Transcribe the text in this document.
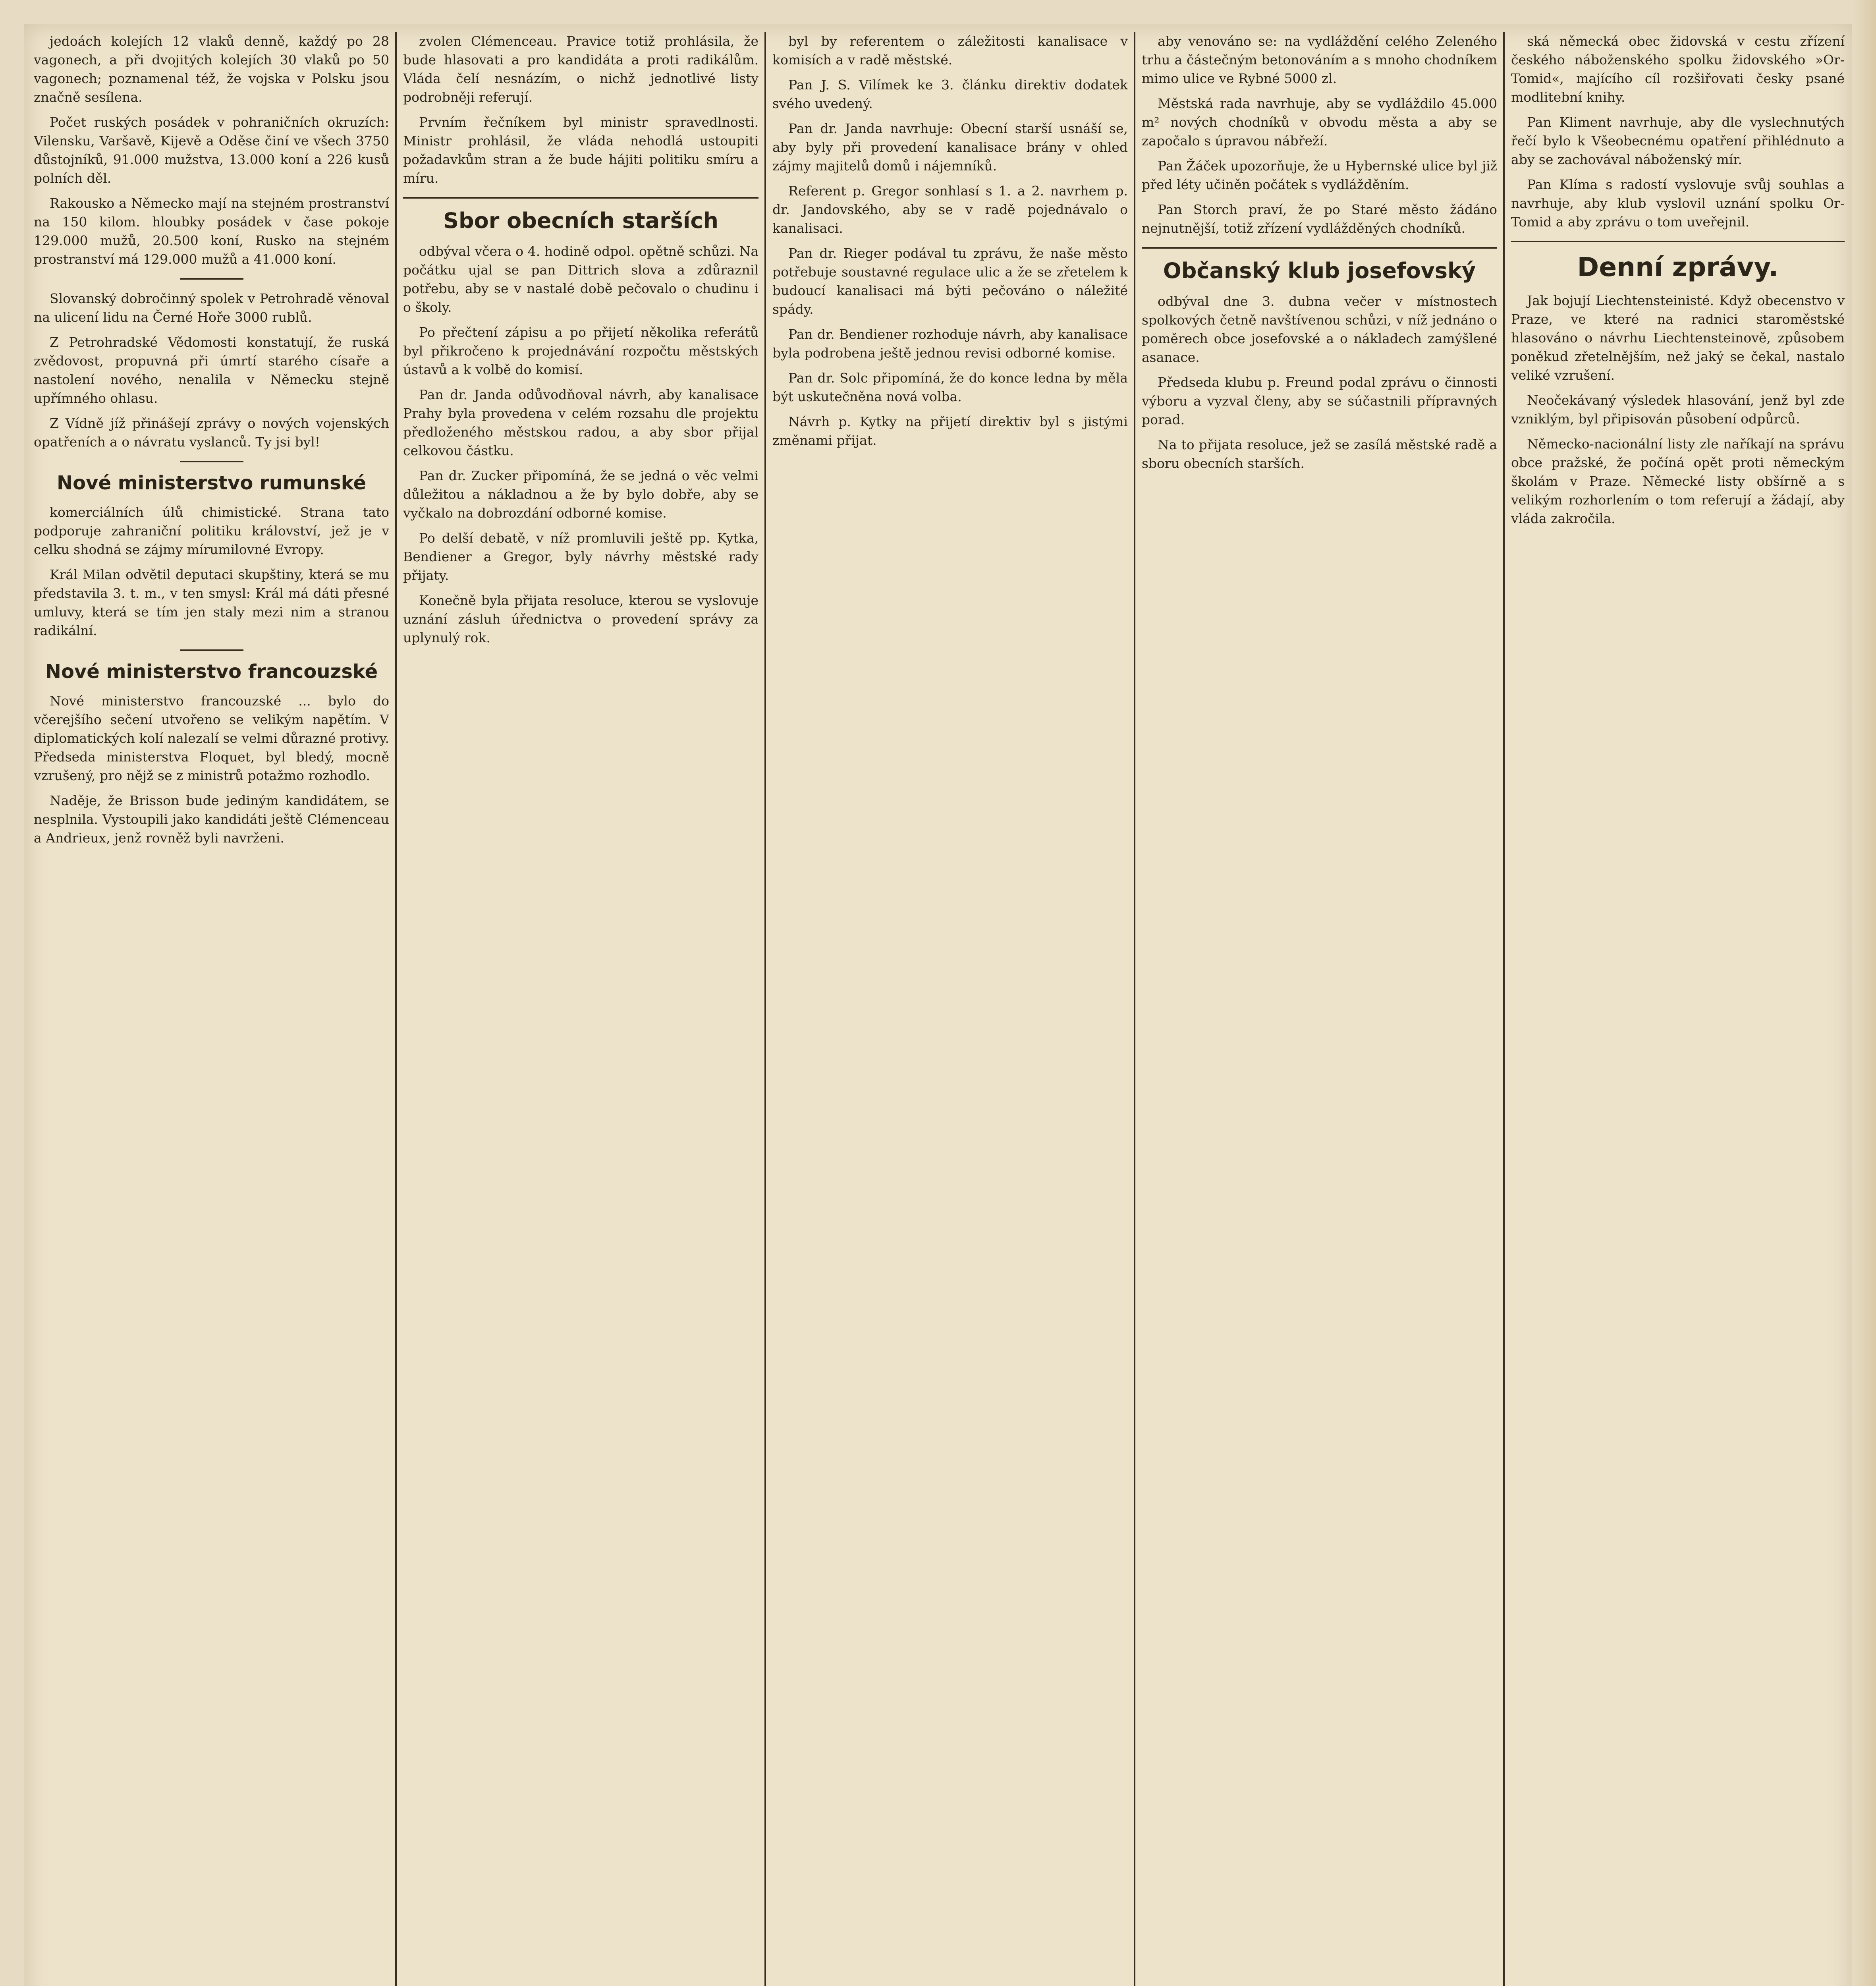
jedoách kolejích 12 vlaků denně, každý po 28 vagonech, a při dvojitých kolejích 30 vlaků po 50 vagonech; poznamenal též, že vojska v Polsku jsou značně sesílena.

Počet ruských posádek v pohraničních okruzích: Vilensku, Varšavě, Kijevě a Oděse činí ve všech 3750 důstojníků, 91.000 mužstva, 13.000 koní a 226 kusů polních děl.

Rakousko a Německo mají na stejném prostranství na 150 kilom. hloubky posádek v čase pokoje 129.000 mužů, 20.500 koní, Rusko na stejném prostranství má 129.000 mužů a 41.000 koní.

Slovanský dobročinný spolek v Petrohradě věnoval na ulicení lidu na Černé Hoře 3000 rublů.

Z Petrohradské Vědomosti konstatují, že ruská zvědovost, propuvná při úmrtí starého císaře a nastolení nového, nenalila v Německu stejně upřímného ohlasu.

Z Vídně jíž přinášejí zprávy o nových vojenských opatřeních a o návratu vyslanců. Ty jsi byl!

Nové ministerstvo rumunské

komerciálních úlů chimistické. Strana tato podporuje zahraniční politiku království, jež je v celku shodná se zájmy mírumilovné Evropy.

Král Milan odvětil deputaci skupštiny, která se mu představila 3. t. m., v ten smysl: Král má dáti přesné umluvy, která se tím jen staly mezi nim a stranou radikální.

Nové ministerstvo francouzské

Nové ministerstvo francouzské ... bylo do včerejšího sečení utvořeno se velikým napětím. V diplomatických kolí nalezalí se velmi důrazné protivy. Předseda ministerstva Floquet, byl bledý, mocně vzrušený, pro nějž se z ministrů potažmo rozhodlo.

Naděje, že Brisson bude jediným kandidátem, se nesplnila. Vystoupili jako kandidáti ještě Clémenceau a Andrieux, jenž rovněž byli navrženi.

zvolen Clémenceau. Pravice totiž prohlásila, že bude hlasovati a pro kandidáta a proti radikálům. Vláda čelí nesnázím, o nichž jednotlivé listy podrobněji referují.

Prvním řečníkem byl ministr spravedlnosti. Ministr prohlásil, že vláda nehodlá ustoupiti požadavkům stran a že bude hájiti politiku smíru a míru.

Sbor obecních starších

odbýval včera o 4. hodině odpol. opětně schůzi. Na počátku ujal se pan Dittrich slova a zdůraznil potřebu, aby se v nastalé době pečovalo o chudinu i o školy.

Po přečtení zápisu a po přijetí několika referátů byl přikročeno k projednávání rozpočtu městských ústavů a k volbě do komisí.

Pan dr. Janda odůvodňoval návrh, aby kanalisace Prahy byla provedena v celém rozsahu dle projektu předloženého městskou radou, a aby sbor přijal celkovou částku.

Pan dr. Zucker připomíná, že se jedná o věc velmi důležitou a nákladnou a že by bylo dobře, aby se vyčkalo na dobrozdání odborné komise.

Po delší debatě, v níž promluvili ještě pp. Kytka, Bendiener a Gregor, byly návrhy městské rady přijaty.

Konečně byla přijata resoluce, kterou se vyslovuje uznání zásluh úřednictva o provedení správy za uplynulý rok.

byl by referentem o záležitosti kanalisace v komisích a v radě městské.

Pan J. S. Vilímek ke 3. článku direktiv dodatek svého uvedený.

Pan dr. Janda navrhuje: Obecní starší usnáší se, aby byly při provedení kanalisace brány v ohled zájmy majitelů domů i nájemníků.

Referent p. Gregor sonhlasí s 1. a 2. navrhem p. dr. Jandovského, aby se v radě pojednávalo o kanalisaci.

Pan dr. Rieger podával tu zprávu, že naše město potřebuje soustavné regulace ulic a že se zřetelem k budoucí kanalisaci má býti pečováno o náležité spády.

Pan dr. Bendiener rozhoduje návrh, aby kanalisace byla podrobena ještě jednou revisi odborné komise.

Pan dr. Solc připomíná, že do konce ledna by měla být uskutečněna nová volba.

Návrh p. Kytky na přijetí direktiv byl s jistými změnami přijat.

aby venováno se: na vydláždění celého Zeleného trhu a částečným betonováním a s mnoho chodníkem mimo ulice ve Rybné 5000 zl.

Městská rada navrhuje, aby se vydláždilo 45.000 m² nových chodníků v obvodu města a aby se započalo s úpravou nábřeží.

Pan Žáček upozorňuje, že u Hybernské ulice byl již před léty učiněn počátek s vydlážděním.

Pan Storch praví, že po Staré město žádáno nejnutnější, totiž zřízení vydlážděných chodníků.

Občanský klub josefovský

odbýval dne 3. dubna večer v místnostech spolkových četně navštívenou schůzi, v níž jednáno o poměrech obce josefovské a o nákladech zamýšlené asanace.

Předseda klubu p. Freund podal zprávu o činnosti výboru a vyzval členy, aby se súčastnili přípravných porad.

Na to přijata resoluce, jež se zasílá městské radě a sboru obecních starších.

ská německá obec židovská v cestu zřízení českého náboženského spolku židovského »Or-Tomid«, majícího cíl rozšiřovati česky psané modlitební knihy.

Pan Kliment navrhuje, aby dle vyslechnutých řečí bylo k Všeobecnému opatření přihlédnuto a aby se zachovával náboženský mír.

Pan Klíma s radostí vyslovuje svůj souhlas a navrhuje, aby klub vyslovil uznání spolku Or-Tomid a aby zprávu o tom uveřejnil.

Denní zprávy.

Jak bojují Liechtensteinisté. Když obecenstvo v Praze, ve které na radnici staroměstské hlasováno o návrhu Liechtensteinově, způsobem poněkud zřetelnějším, než jaký se čekal, nastalo veliké vzrušení.

Neočekávaný výsledek hlasování, jenž byl zde vzniklým, byl připisován působení odpůrců.

Německo-nacionální listy zle naříkají na správu obce pražské, že počíná opět proti německým školám v Praze. Německé listy obšírně a s velikým rozhorlením o tom referují a žádají, aby vláda zakročila.
